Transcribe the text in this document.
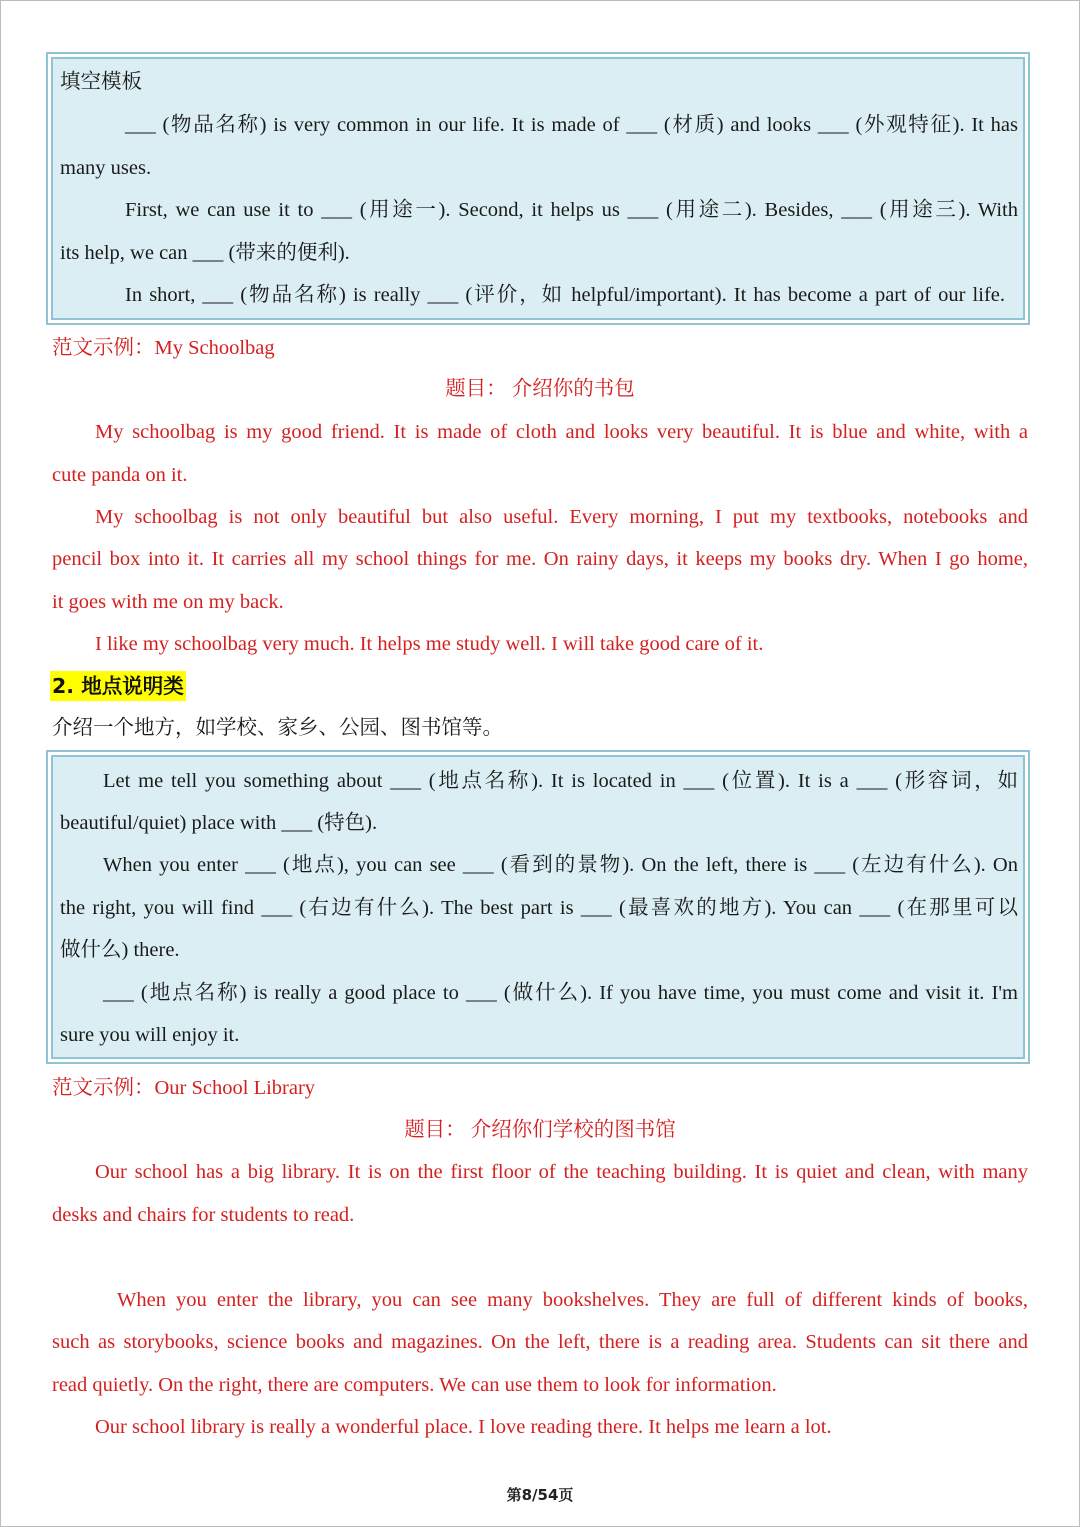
填空模板
___ (物品名称) is very common in our life. It is made of ___ (材质) and looks ___ (外观特征). It has
many uses.
First, we can use it to ___ (用途一). Second, it helps us ___ (用途二). Besides, ___ (用途三). With
its help, we can ___ (带来的便利).
In short, ___ (物品名称) is really ___ (评价，如 helpful/important). It has become a part of our life.
范文示例：My Schoolbag
题目： 介绍你的书包
My schoolbag is my good friend. It is made of cloth and looks very beautiful. It is blue and white, with a
cute panda on it.
My schoolbag is not only beautiful but also useful. Every morning, I put my textbooks, notebooks and
pencil box into it. It carries all my school things for me. On rainy days, it keeps my books dry. When I go home,
it goes with me on my back.
I like my schoolbag very much. It helps me study well. I will take good care of it.
2. 地点说明类
介绍一个地方，如学校、家乡、公园、图书馆等。
Let me tell you something about ___ (地点名称). It is located in ___ (位置). It is a ___ (形容词，如
beautiful/quiet) place with ___ (特色).
When you enter ___ (地点), you can see ___ (看到的景物). On the left, there is ___ (左边有什么). On
the right, you will find ___ (右边有什么). The best part is ___ (最喜欢的地方). You can ___ (在那里可以
做什么) there.
___ (地点名称) is really a good place to ___ (做什么). If you have time, you must come and visit it. I'm
sure you will enjoy it.
范文示例：Our School Library
题目： 介绍你们学校的图书馆
Our school has a big library. It is on the first floor of the teaching building. It is quiet and clean, with many
desks and chairs for students to read.
When you enter the library, you can see many bookshelves. They are full of different kinds of books,
such as storybooks, science books and magazines. On the left, there is a reading area. Students can sit there and
read quietly. On the right, there are computers. We can use them to look for information.
Our school library is really a wonderful place. I love reading there. It helps me learn a lot.
第8/54页
